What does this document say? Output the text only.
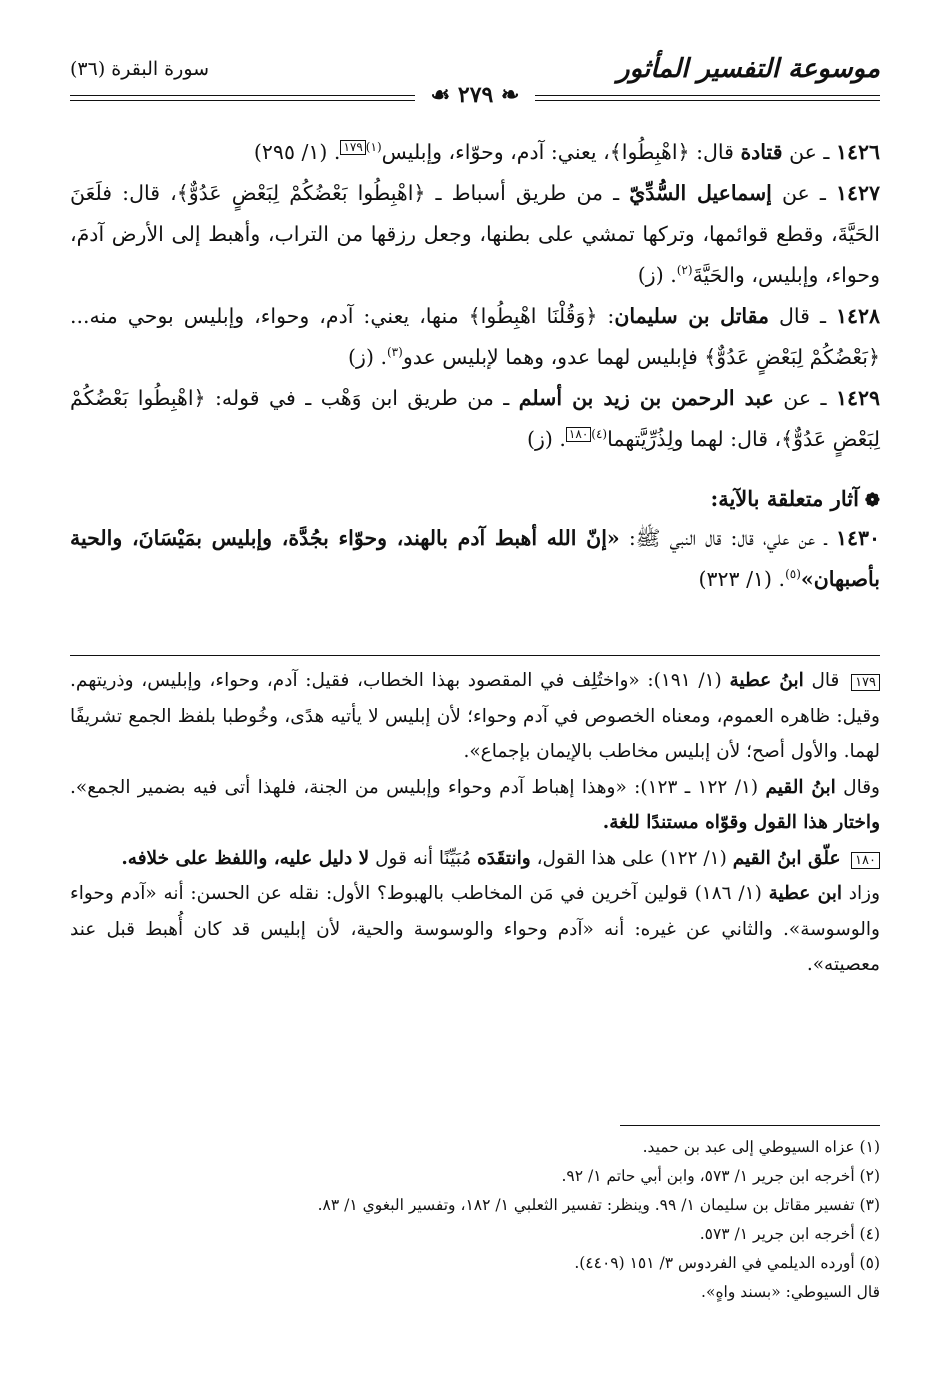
موسوعة التفسير المأثور
سورة البقرة (٣٦)
❧ ٢٧٩ ☙

١٤٢٦ ـ عن قتادة قال: ﴿اهْبِطُوا﴾، يعني: آدم، وحوّاء، وإبليس$^{(١)}$١٧٩. (١/ ٢٩٥)

١٤٢٧ ـ عن إسماعيل السُّدِّيّ ـ من طريق أسباط ـ ﴿اهْبِطُوا بَعْضُكُمْ لِبَعْضٍ عَدُوٌّ﴾، قال: فلَعَنَ الحَيَّةَ، وقطع قوائمها، وتركها تمشي على بطنها، وجعل رزقها من التراب، وأهبط إلى الأرض آدمَ، وحواء، وإبليس، والحَيَّةَ$^{(٢)}$. (ز)

١٤٢٨ ـ قال مقاتل بن سليمان: ﴿وَقُلْنَا اهْبِطُوا﴾ منها، يعني: آدم، وحواء، وإبليس بوحي منه... ﴿بَعْضُكُمْ لِبَعْضٍ عَدُوٌّ﴾ فإبليس لهما عدو، وهما لإبليس عدو$^{(٣)}$. (ز)

١٤٢٩ ـ عن عبد الرحمن بن زيد بن أسلم ـ من طريق ابن وَهْب ـ في قوله: ﴿اهْبِطُوا بَعْضُكُمْ لِبَعْضٍ عَدُوٌّ﴾، قال: لهما ولِذُرِّيَّتهما$^{(٤)}$١٨٠. (ز)

❁آثار متعلقة بالآية:

١٤٣٠ ـ عن علي، قال: قال النبي ﷺ: «إنّ الله أهبط آدم بالهند، وحوّاء بجُدَّة، وإبليس بمَيْسَانَ، والحية بأصبهان»$^{(٥)}$. (١/ ٣٢٣)

١٧٩ قال ابنُ عطية (١/ ١٩١): «واختُلِف في المقصود بهذا الخطاب، فقيل: آدم، وحواء، وإبليس، وذريتهم. وقيل: ظاهره العموم، ومعناه الخصوص في آدم وحواء؛ لأن إبليس لا يأتيه هدًى، وخُوطبا بلفظ الجمع تشريفًا لهما. والأول أصح؛ لأن إبليس مخاطب بالإيمان بإجماع».

وقال ابنُ القيم (١/ ١٢٢ ـ ١٢٣): «وهذا إهباط آدم وحواء وإبليس من الجنة، فلهذا أتى فيه بضمير الجمع». واختار هذا القول وقوّاه مستندًا للغة.

١٨٠ علّق ابنُ القيم (١/ ١٢٢) على هذا القول، وانتقَدَه مُبَيِّنًا أنه قول لا دليل عليه، واللفظ على خلافه.

وزاد ابن عطية (١/ ١٨٦) قولين آخرين في مَن المخاطب بالهبوط؟ الأول: نقله عن الحسن: أنه «آدم وحواء والوسوسة». والثاني عن غيره: أنه «آدم وحواء والوسوسة والحية، لأن إبليس قد كان أُهبط قبل عند معصيته».

(١) عزاه السيوطي إلى عبد بن حميد.

(٢) أخرجه ابن جرير ١/ ٥٧٣، وابن أبي حاتم ١/ ٩٢.

(٣) تفسير مقاتل بن سليمان ١/ ٩٩. وينظر: تفسير الثعلبي ١/ ١٨٢، وتفسير البغوي ١/ ٨٣.

(٤) أخرجه ابن جرير ١/ ٥٧٣.

(٥) أورده الديلمي في الفردوس ٣/ ١٥١ (٤٤٠٩).

قال السيوطي: «بسند واهٍ».
